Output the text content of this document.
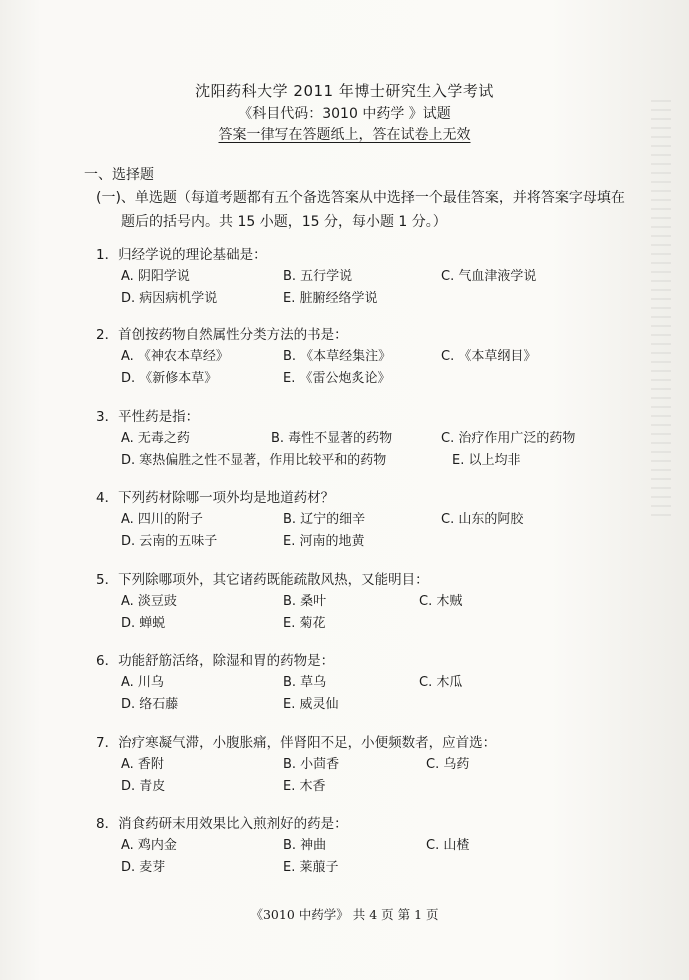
沈阳药科大学 2011 年博士研究生入学考试
《科目代码：3010 中药学 》试题
答案一律写在答题纸上，答在试卷上无效
一、选择题
(一)、单选题（每道考题都有五个备选答案从中选择一个最佳答案，并将答案字母填在
题后的括号内。共 15 小题，15 分，每小题 1 分。）
1．归经学说的理论基础是：
A. 阴阳学说	B. 五行学说	C. 气血津液学说
D. 病因病机学说	E. 脏腑经络学说
2．首创按药物自然属性分类方法的书是：
A. 《神农本草经》	B. 《本草经集注》	C. 《本草纲目》
D. 《新修本草》	E. 《雷公炮炙论》
3．平性药是指：
A. 无毒之药	B. 毒性不显著的药物	C. 治疗作用广泛的药物
D. 寒热偏胜之性不显著，作用比较平和的药物	E. 以上均非
4．下列药材除哪一项外均是地道药材？
A. 四川的附子	B. 辽宁的细辛	C. 山东的阿胶
D. 云南的五味子	E. 河南的地黄
5．下列除哪项外，其它诸药既能疏散风热，又能明目：
A. 淡豆豉	B. 桑叶	C. 木贼
D. 蝉蜕	E. 菊花
6．功能舒筋活络，除湿和胃的药物是：
A. 川乌	B. 草乌	C. 木瓜
D. 络石藤	E. 威灵仙
7．治疗寒凝气滞，小腹胀痛，伴肾阳不足，小便频数者，应首选：
A. 香附	B. 小茴香	C. 乌药
D. 青皮	E. 木香
8．消食药研末用效果比入煎剂好的药是：
A. 鸡内金	B. 神曲	C. 山楂
D. 麦芽	E. 莱菔子
《3010 中药学》 共 4 页 第 1 页
